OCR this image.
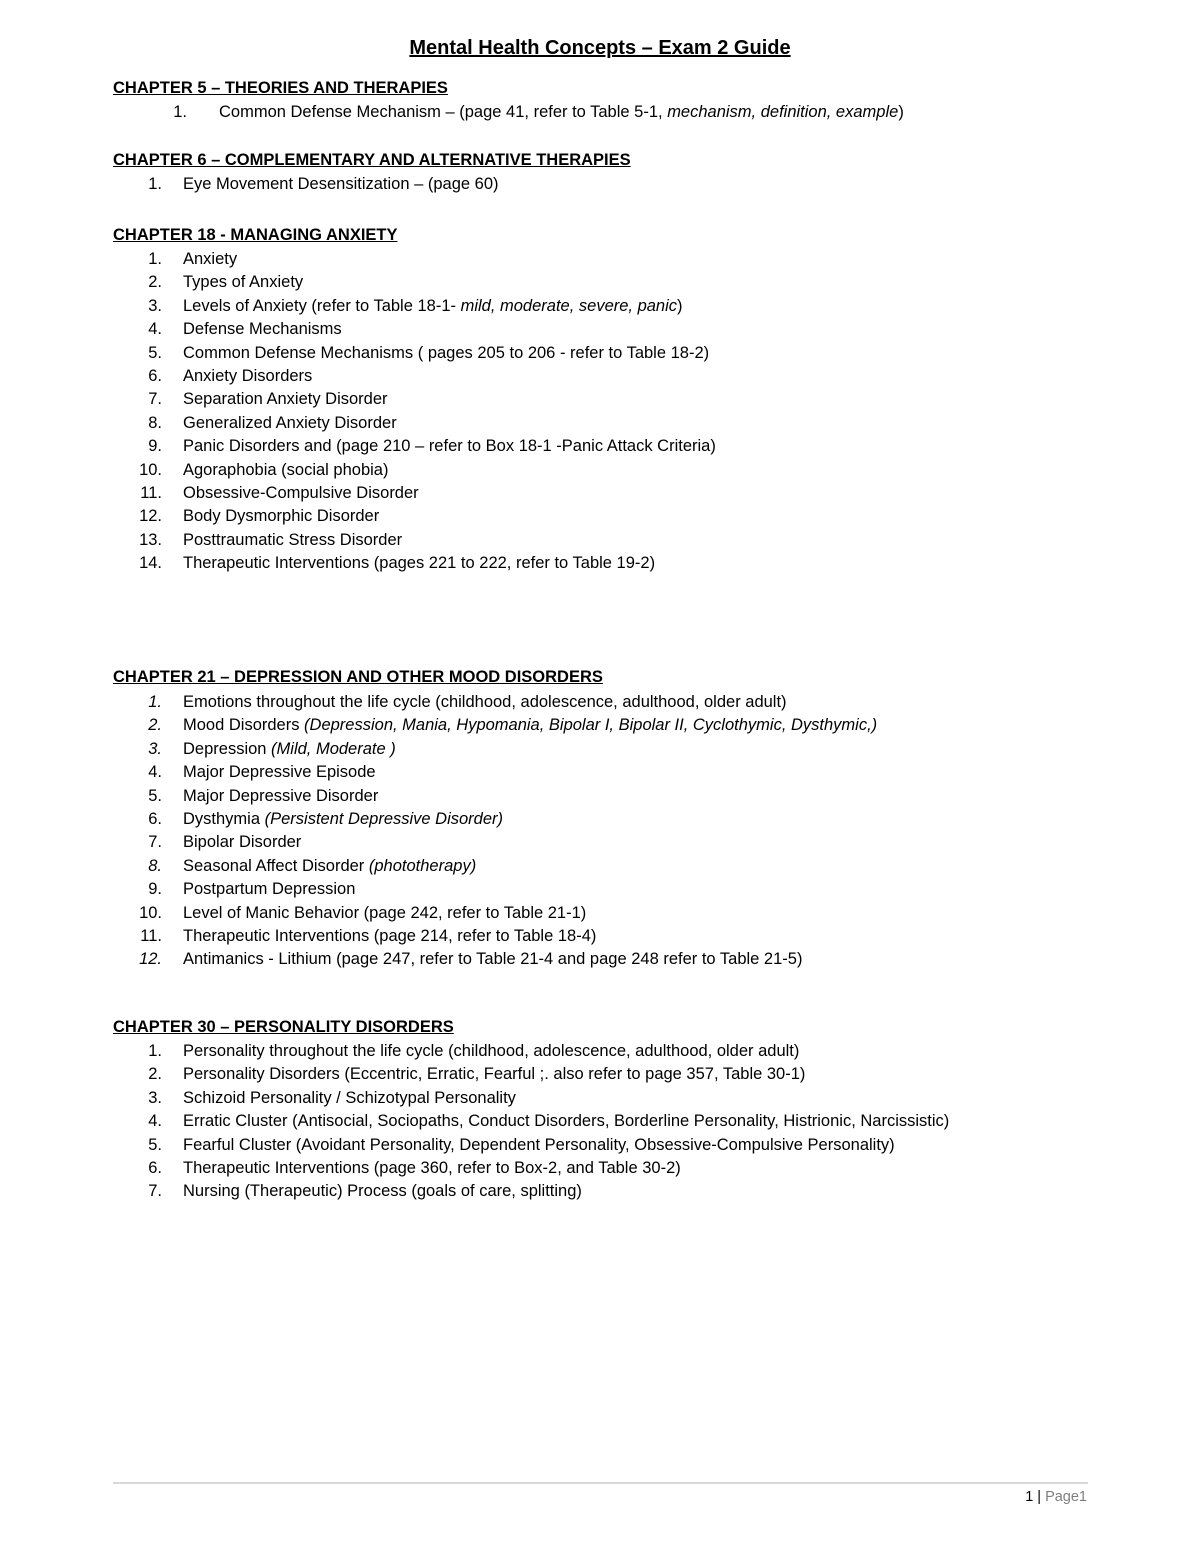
Mental Health Concepts – Exam 2 Guide
CHAPTER 5 – THEORIES AND THERAPIES
1. Common Defense Mechanism – (page 41, refer to Table 5-1, mechanism, definition, example)
CHAPTER 6 – COMPLEMENTARY AND ALTERNATIVE THERAPIES
1. Eye Movement Desensitization – (page 60)
CHAPTER 18 - MANAGING ANXIETY
1. Anxiety
2. Types of Anxiety
3. Levels of Anxiety (refer to Table 18-1- mild, moderate, severe, panic)
4. Defense Mechanisms
5. Common Defense Mechanisms ( pages 205 to 206 - refer to Table 18-2)
6. Anxiety Disorders
7. Separation Anxiety Disorder
8. Generalized Anxiety Disorder
9. Panic Disorders and (page 210 – refer to Box 18-1 -Panic Attack Criteria)
10. Agoraphobia (social phobia)
11. Obsessive-Compulsive Disorder
12. Body Dysmorphic Disorder
13. Posttraumatic Stress Disorder
14. Therapeutic Interventions (pages 221 to 222, refer to Table 19-2)
CHAPTER 21 – DEPRESSION AND OTHER MOOD DISORDERS
1. Emotions throughout the life cycle (childhood, adolescence, adulthood, older adult)
2. Mood Disorders (Depression, Mania, Hypomania, Bipolar I, Bipolar II, Cyclothymic, Dysthymic,)
3. Depression (Mild, Moderate )
4. Major Depressive Episode
5. Major Depressive Disorder
6. Dysthymia (Persistent Depressive Disorder)
7. Bipolar Disorder
8. Seasonal Affect Disorder (phototherapy)
9. Postpartum Depression
10. Level of Manic Behavior (page 242, refer to Table 21-1)
11. Therapeutic Interventions (page 214, refer to Table 18-4)
12. Antimanics - Lithium (page 247, refer to Table 21-4 and page 248 refer to Table 21-5)
CHAPTER 30 – PERSONALITY DISORDERS
1. Personality throughout the life cycle (childhood, adolescence, adulthood, older adult)
2. Personality Disorders (Eccentric, Erratic, Fearful ;. also refer to page 357, Table 30-1)
3. Schizoid Personality / Schizotypal Personality
4. Erratic Cluster (Antisocial, Sociopaths, Conduct Disorders, Borderline Personality, Histrionic, Narcissistic)
5. Fearful Cluster (Avoidant Personality, Dependent Personality, Obsessive-Compulsive Personality)
6. Therapeutic Interventions (page 360, refer to Box-2, and Table 30-2)
7. Nursing (Therapeutic) Process (goals of care, splitting)
1 | Page1
